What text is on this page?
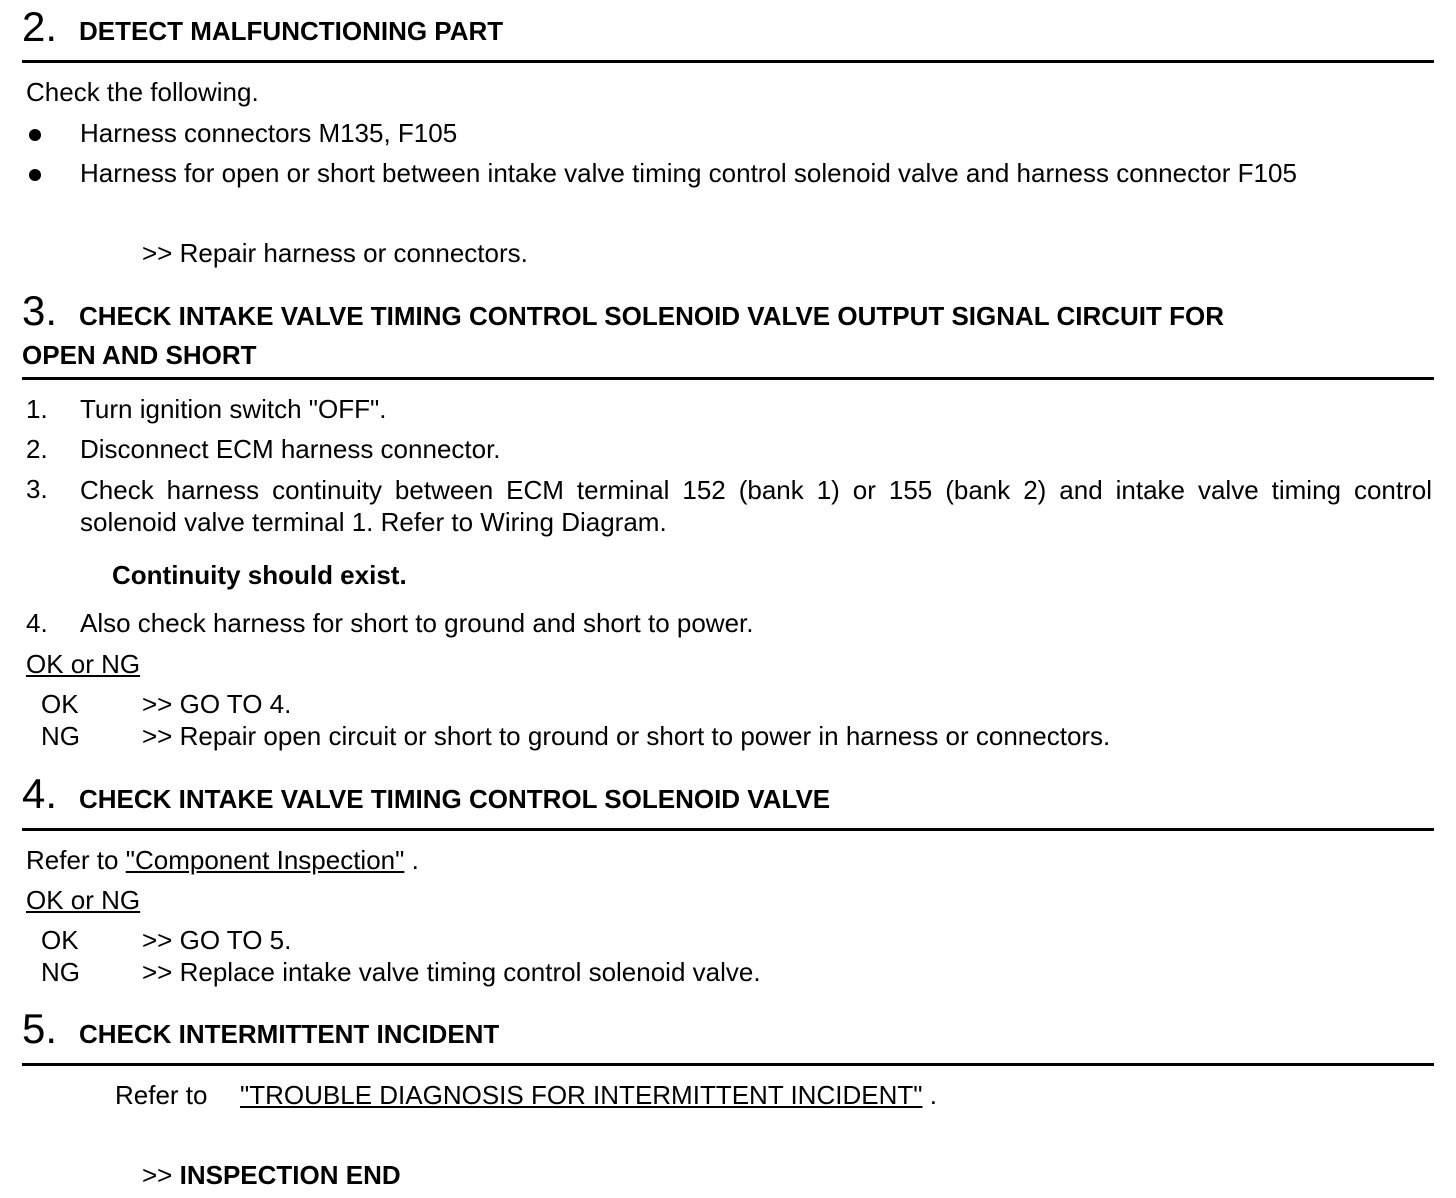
2. DETECT MALFUNCTIONING PART
Check the following.
Harness connectors M135, F105
Harness for open or short between intake valve timing control solenoid valve and harness connector F105
>> Repair harness or connectors.
3. CHECK INTAKE VALVE TIMING CONTROL SOLENOID VALVE OUTPUT SIGNAL CIRCUIT FOR
OPEN AND SHORT
1. Turn ignition switch "OFF".
2. Disconnect ECM harness connector.
3. Check harness continuity between ECM terminal 152 (bank 1) or 155 (bank 2) and intake valve timing control solenoid valve terminal 1. Refer to Wiring Diagram.
Continuity should exist.
4. Also check harness for short to ground and short to power.
OK or NG
OK >> GO TO 4.
NG >> Repair open circuit or short to ground or short to power in harness or connectors.
4. CHECK INTAKE VALVE TIMING CONTROL SOLENOID VALVE
Refer to "Component Inspection" .
OK or NG
OK >> GO TO 5.
NG >> Replace intake valve timing control solenoid valve.
5. CHECK INTERMITTENT INCIDENT
Refer to "TROUBLE DIAGNOSIS FOR INTERMITTENT INCIDENT" .
>> INSPECTION END
